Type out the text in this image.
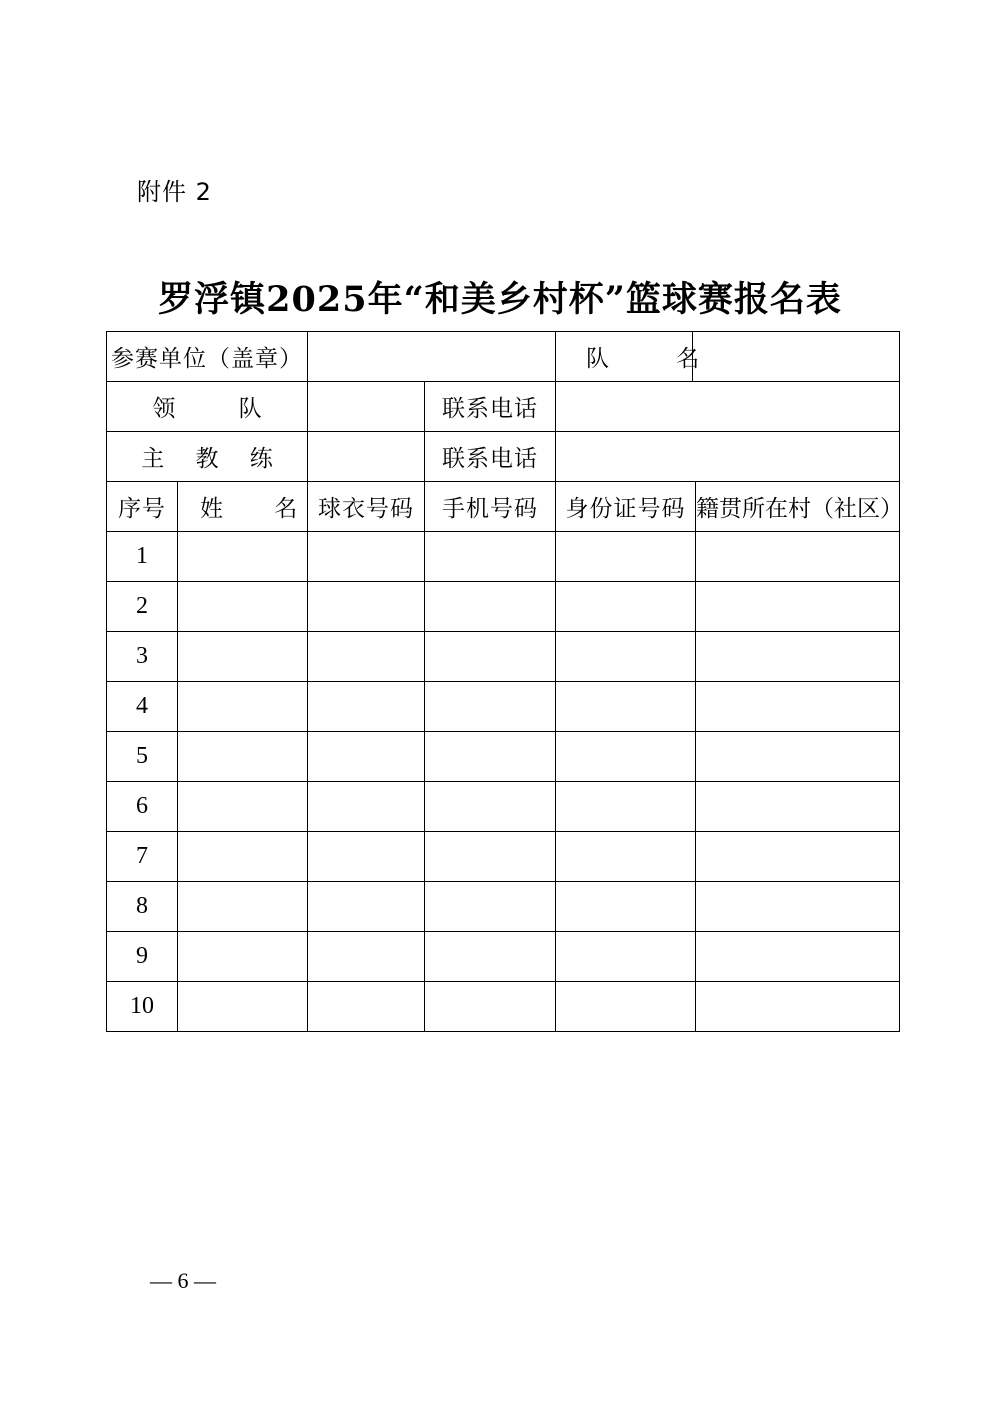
附件 2
罗浮镇2025年“和美乡村杯”篮球赛报名表
参赛单位（盖章）				队 名		
领 队			联系电话			
主 教 练			联系电话			
序号	姓 名	球衣号码	手机号码	身份证号码		籍贯所在村（社区）
1						
2						
3						
4						
5						
6						
7						
8						
9						
10						
— 6 —
